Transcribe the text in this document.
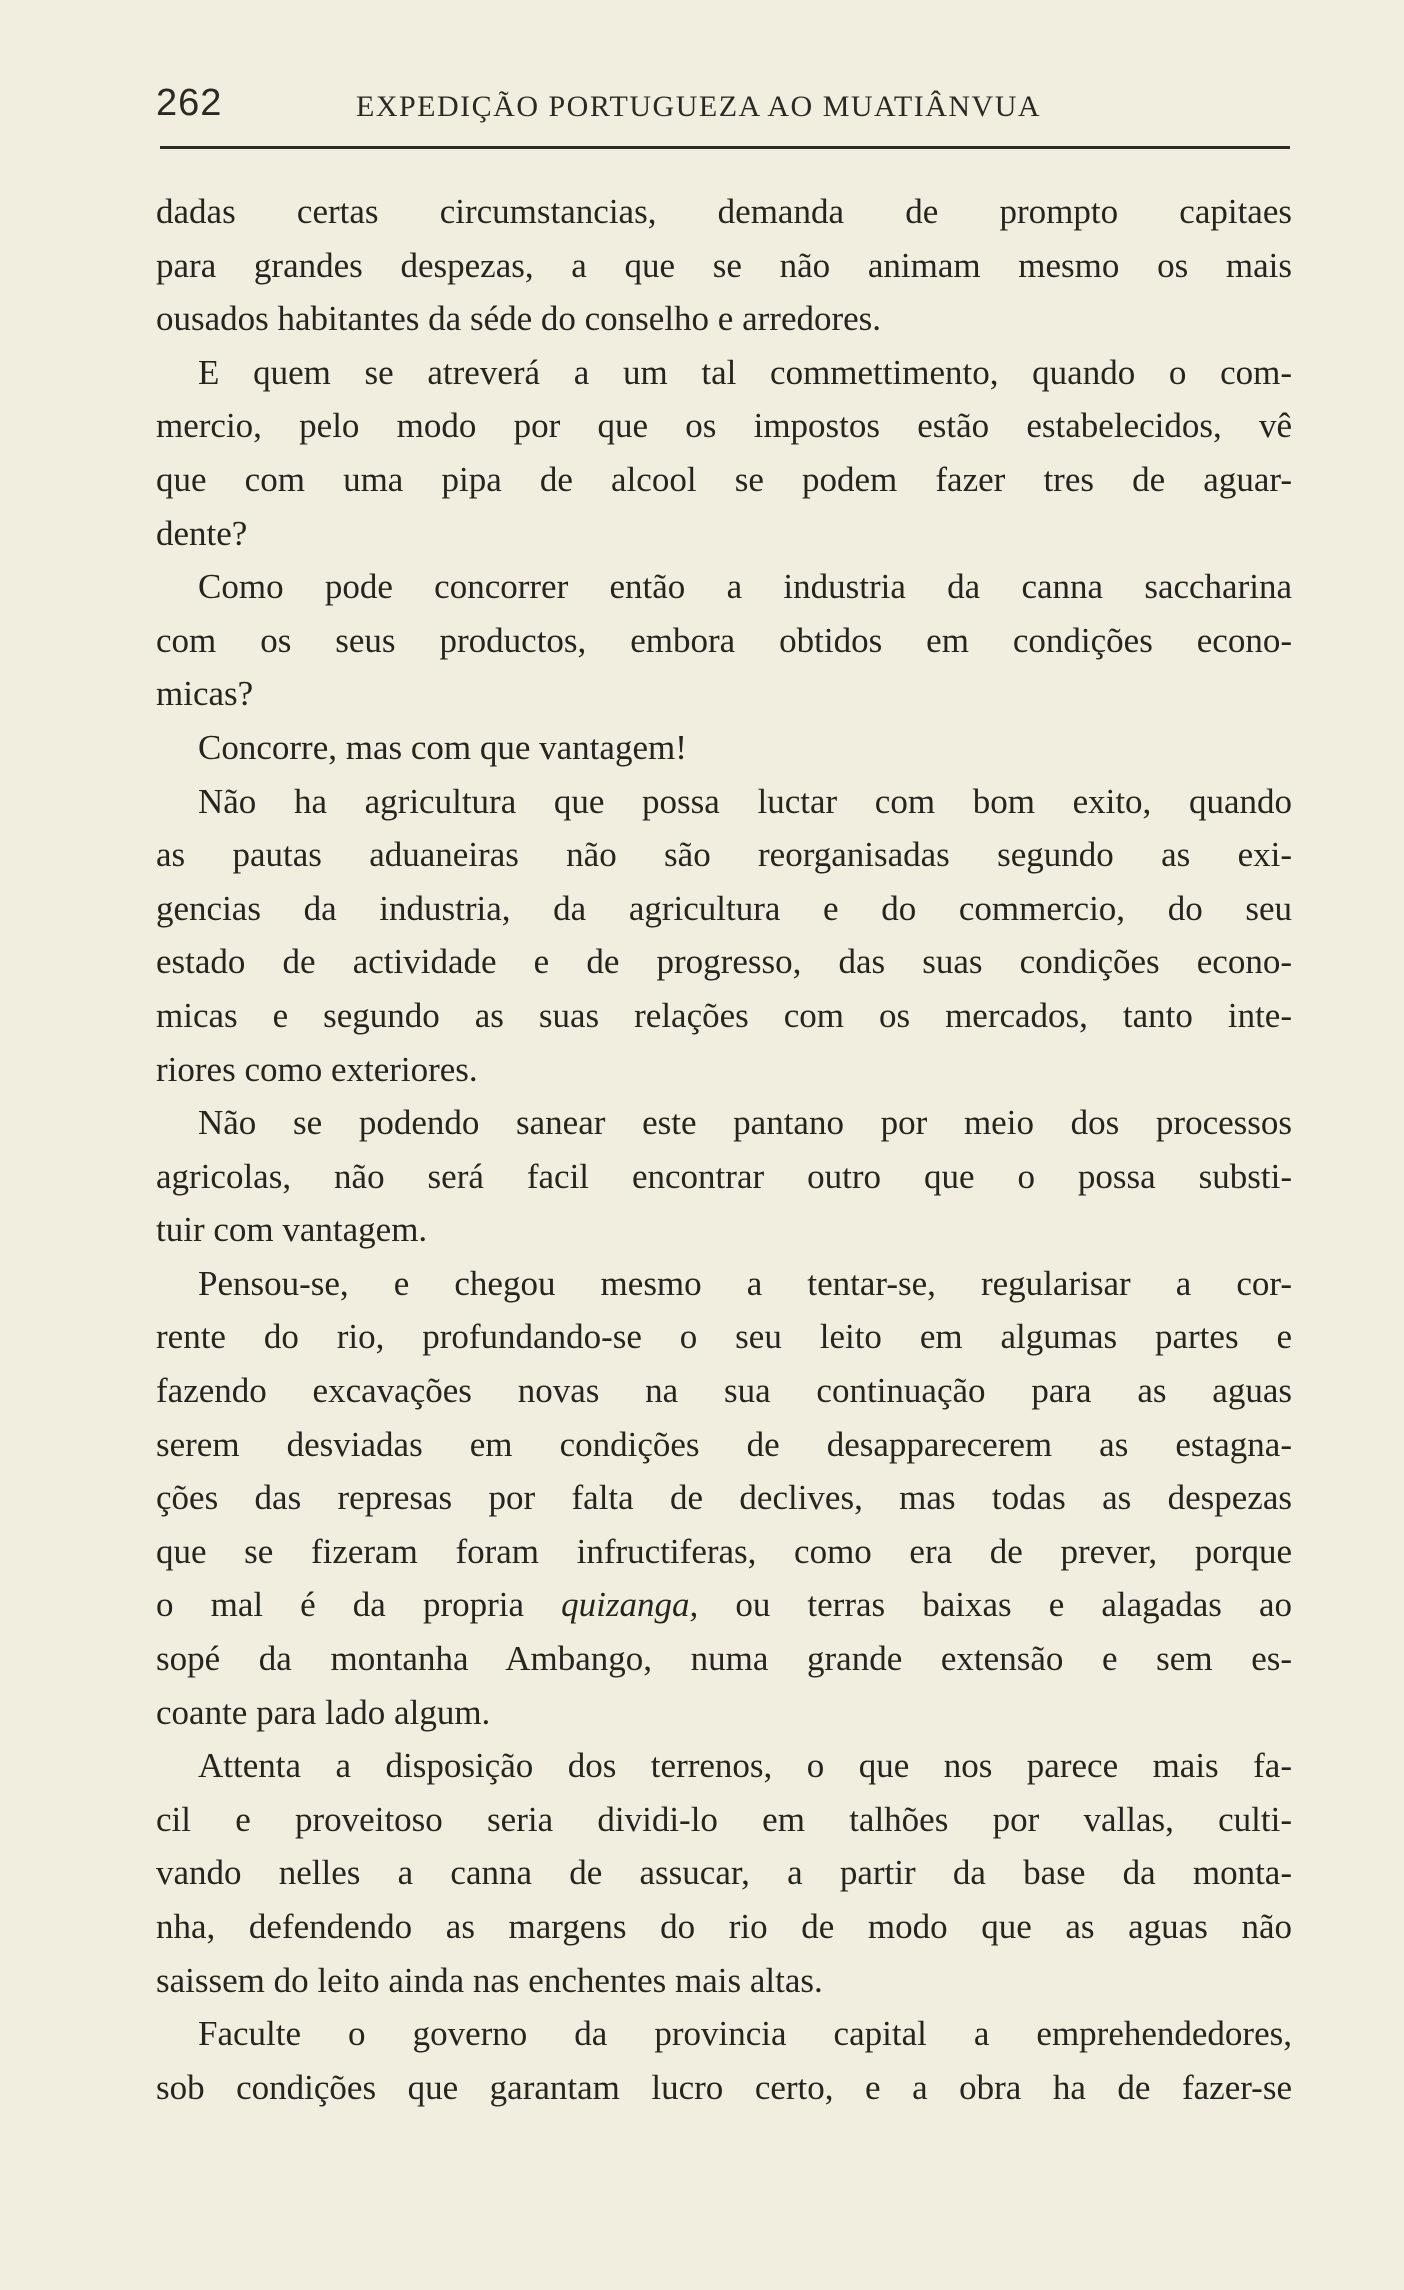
262	EXPEDIÇÃO PORTUGUEZA AO MUATIÂNVUA
dadas certas circumstancias, demanda de prompto capitaes
para grandes despezas, a que se não animam mesmo os mais
ousados habitantes da séde do conselho e arredores.
E quem se atreverá a um tal commettimento, quando o com-
mercio, pelo modo por que os impostos estão estabelecidos, vê
que com uma pipa de alcool se podem fazer tres de aguar-
dente?
Como pode concorrer então a industria da canna saccharina
com os seus productos, embora obtidos em condições econo-
micas?
Concorre, mas com que vantagem!
Não ha agricultura que possa luctar com bom exito, quando
as pautas aduaneiras não são reorganisadas segundo as exi-
gencias da industria, da agricultura e do commercio, do seu
estado de actividade e de progresso, das suas condições econo-
micas e segundo as suas relações com os mercados, tanto inte-
riores como exteriores.
Não se podendo sanear este pantano por meio dos processos
agricolas, não será facil encontrar outro que o possa substi-
tuir com vantagem.
Pensou-se, e chegou mesmo a tentar-se, regularisar a cor-
rente do rio, profundando-se o seu leito em algumas partes e
fazendo excavações novas na sua continuação para as aguas
serem desviadas em condições de desapparecerem as estagna-
ções das represas por falta de declives, mas todas as despezas
que se fizeram foram infructiferas, como era de prever, porque
o mal é da propria quizanga, ou terras baixas e alagadas ao
sopé da montanha Ambango, numa grande extensão e sem es-
coante para lado algum.
Attenta a disposição dos terrenos, o que nos parece mais fa-
cil e proveitoso seria dividi-lo em talhões por vallas, culti-
vando nelles a canna de assucar, a partir da base da monta-
nha, defendendo as margens do rio de modo que as aguas não
saissem do leito ainda nas enchentes mais altas.
Faculte o governo da provincia capital a emprehendedores,
sob condições que garantam lucro certo, e a obra ha de fazer-se
